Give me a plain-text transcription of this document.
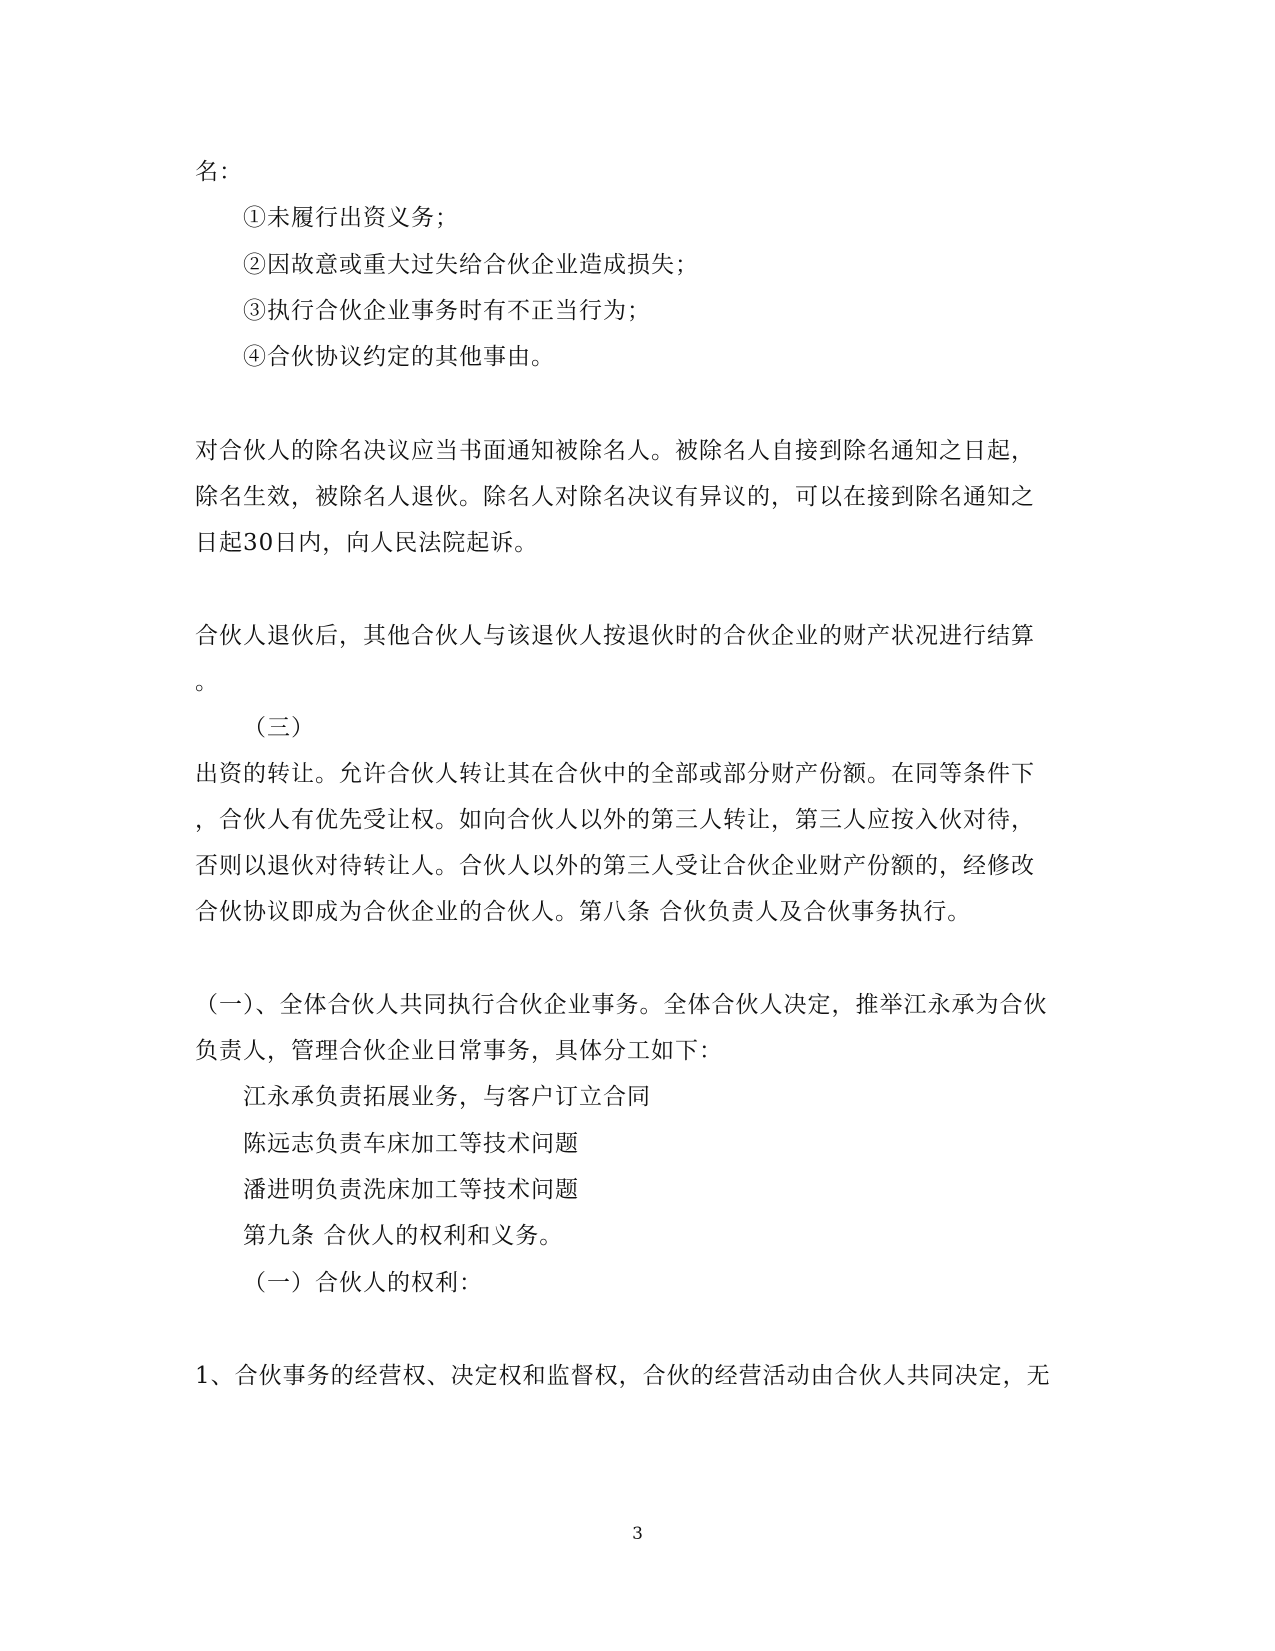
名：
①未履行出资义务；
②因故意或重大过失给合伙企业造成损失；
③执行合伙企业事务时有不正当行为；
④合伙协议约定的其他事由。
对合伙人的除名决议应当书面通知被除名人。被除名人自接到除名通知之日起，
除名生效，被除名人退伙。除名人对除名决议有异议的，可以在接到除名通知之
日起30日内，向人民法院起诉。
合伙人退伙后，其他合伙人与该退伙人按退伙时的合伙企业的财产状况进行结算
。
（三）
出资的转让。允许合伙人转让其在合伙中的全部或部分财产份额。在同等条件下
，合伙人有优先受让权。如向合伙人以外的第三人转让，第三人应按入伙对待，
否则以退伙对待转让人。合伙人以外的第三人受让合伙企业财产份额的，经修改
合伙协议即成为合伙企业的合伙人。第八条 合伙负责人及合伙事务执行。
（一）、全体合伙人共同执行合伙企业事务。全体合伙人决定，推举江永承为合伙
负责人，管理合伙企业日常事务，具体分工如下：
江永承负责拓展业务，与客户订立合同
陈远志负责车床加工等技术问题
潘进明负责洗床加工等技术问题
第九条 合伙人的权利和义务。
（一）合伙人的权利：
1、合伙事务的经营权、决定权和监督权，合伙的经营活动由合伙人共同决定，无
3
